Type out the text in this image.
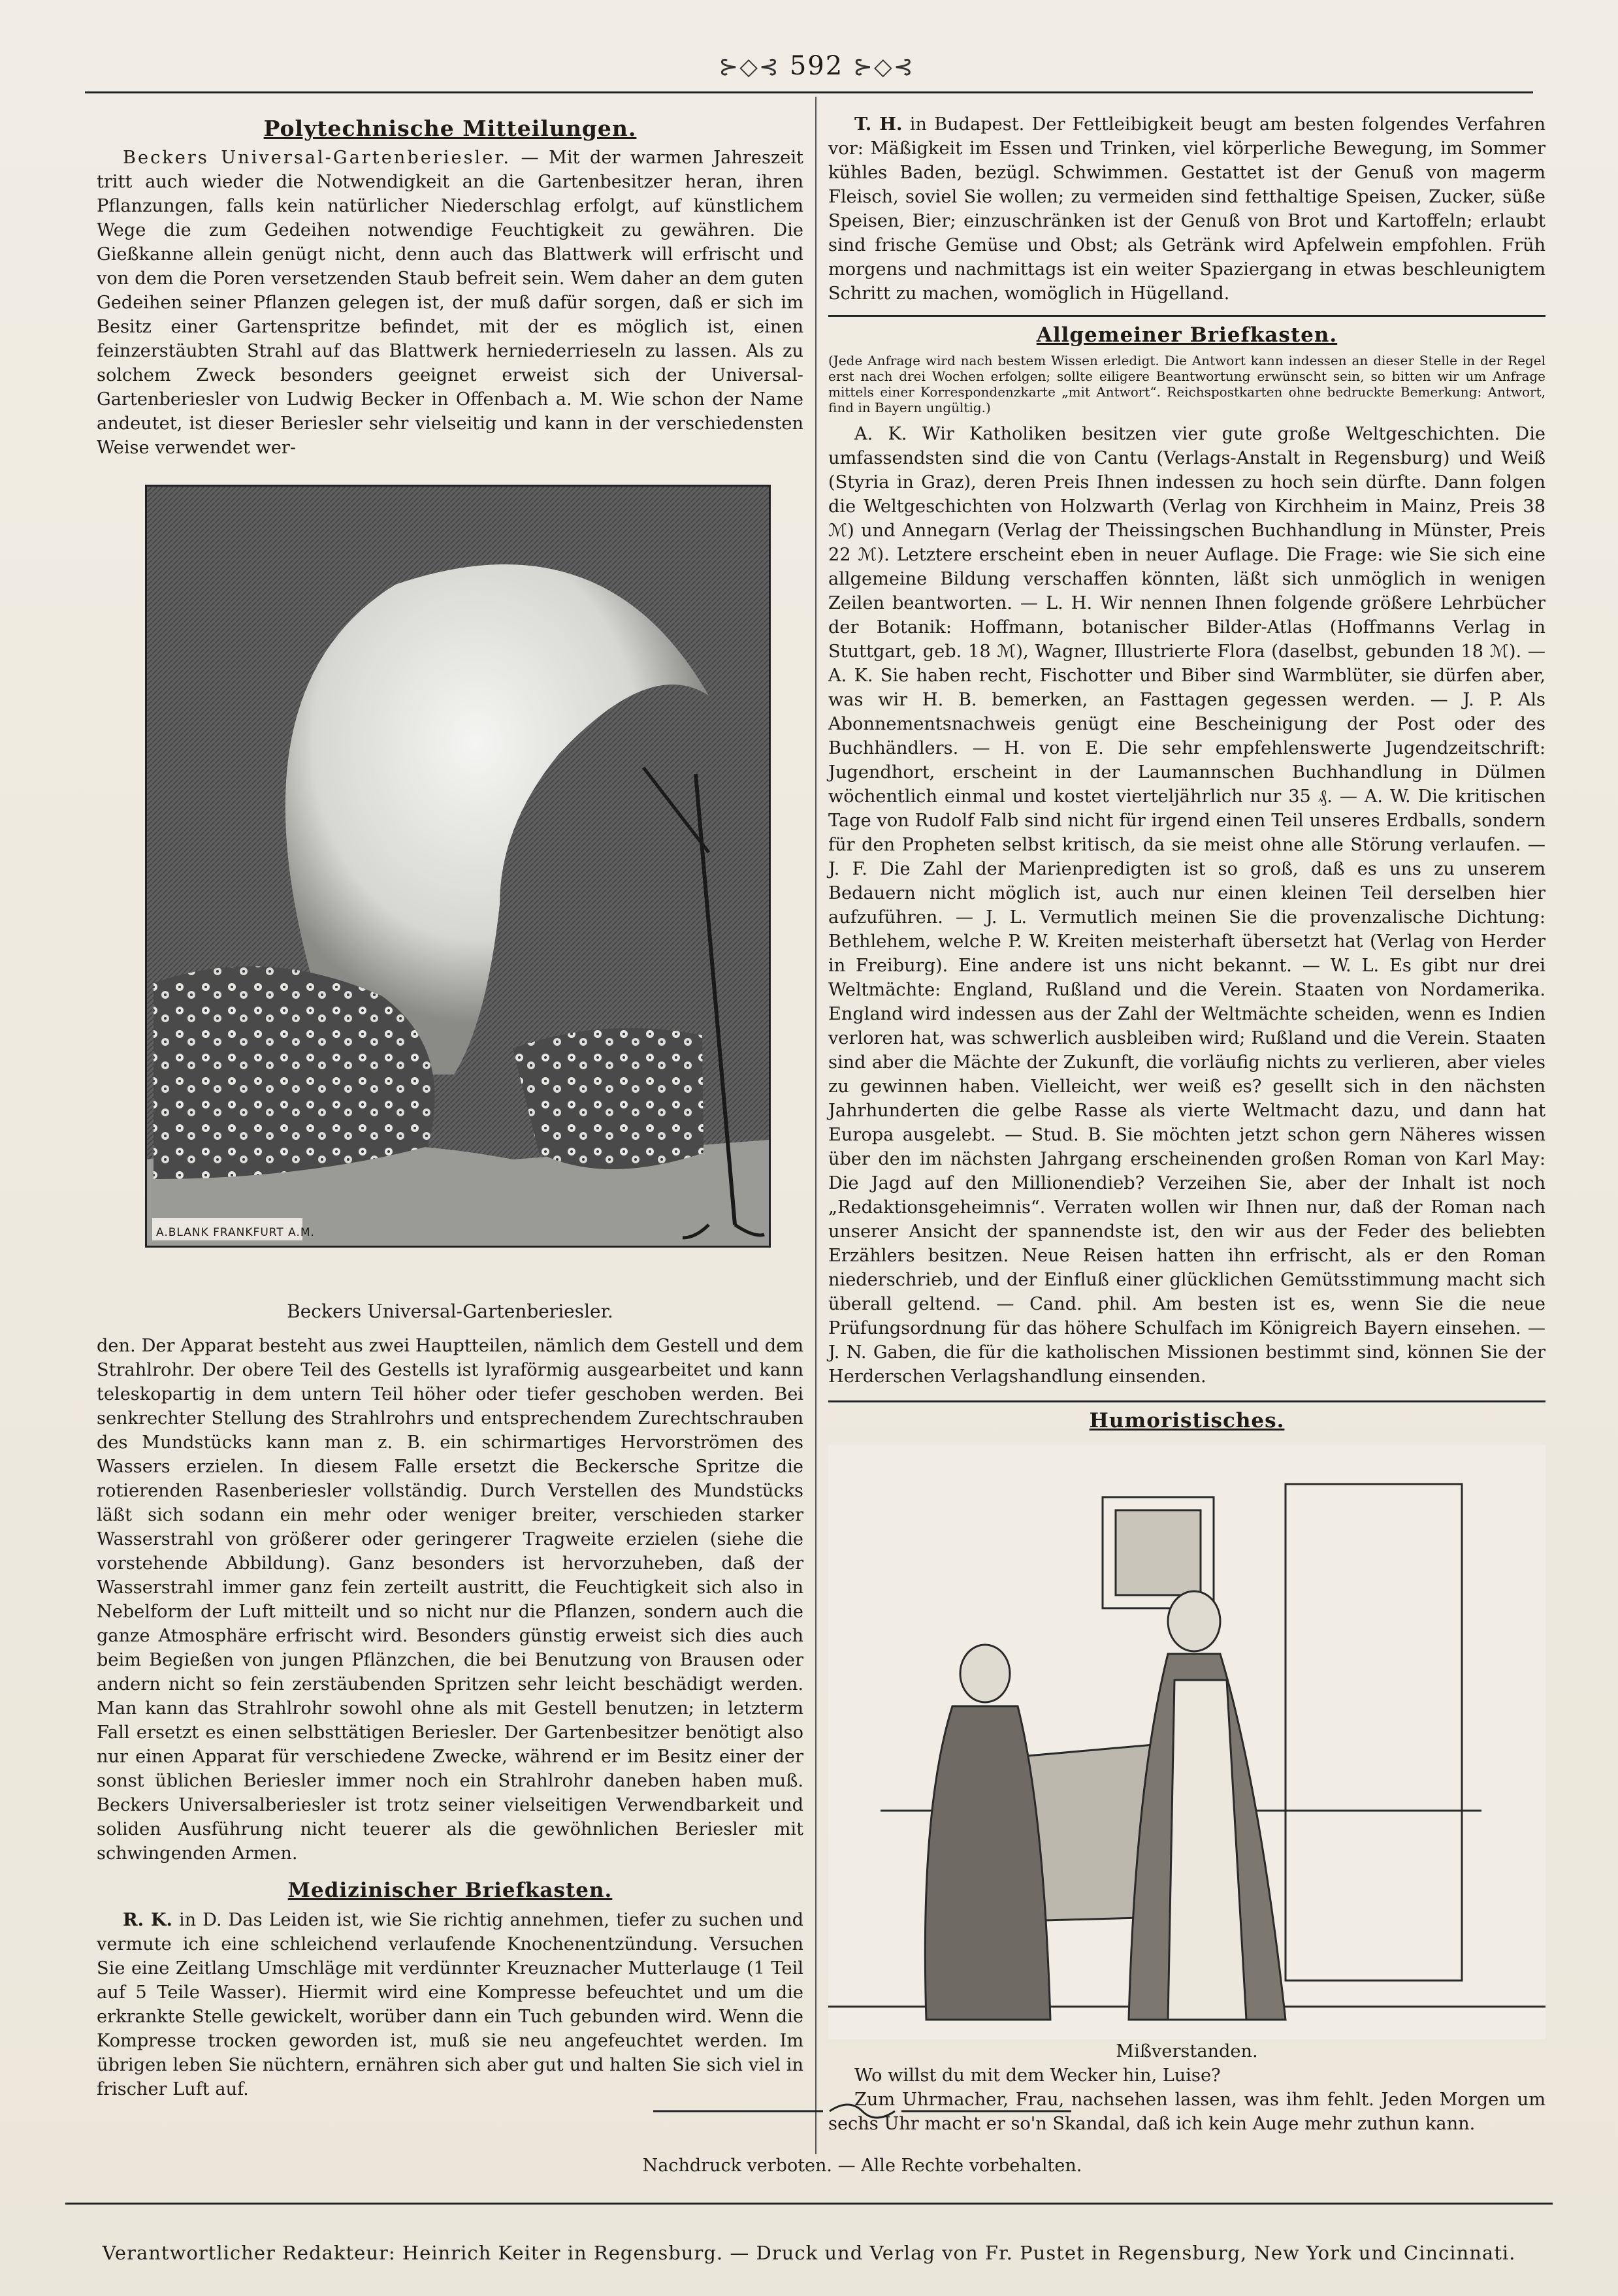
⊱◇⊰ 592 ⊱◇⊰
Polytechnische Mitteilungen.

Beckers Universal-Gartenberiesler. — Mit der warmen Jahreszeit tritt auch wieder die Notwendigkeit an die Gartenbesitzer heran, ihren Pflanzungen, falls kein natürlicher Niederschlag erfolgt, auf künstlichem Wege die zum Gedeihen notwendige Feuchtigkeit zu gewähren. Die Gießkanne allein genügt nicht, denn auch das Blattwerk will erfrischt und von dem die Poren versetzenden Staub befreit sein. Wem daher an dem guten Gedeihen seiner Pflanzen gelegen ist, der muß dafür sorgen, daß er sich im Besitz einer Gartenspritze befindet, mit der es möglich ist, einen feinzerstäubten Strahl auf das Blattwerk herniederrieseln zu lassen. Als zu solchem Zweck besonders geeignet erweist sich der Universal-Gartenberiesler von Ludwig Becker in Offenbach a. M. Wie schon der Name andeutet, ist dieser Beriesler sehr vielseitig und kann in der verschiedensten Weise verwendet wer-

A.BLANK FRANKFURT A.M.
Beckers Universal-Gartenberiesler.

den. Der Apparat besteht aus zwei Hauptteilen, nämlich dem Gestell und dem Strahlrohr. Der obere Teil des Gestells ist lyraförmig ausgearbeitet und kann teleskopartig in dem untern Teil höher oder tiefer geschoben werden. Bei senkrechter Stellung des Strahlrohrs und entsprechendem Zurechtschrauben des Mundstücks kann man z. B. ein schirmartiges Hervorströmen des Wassers erzielen. In diesem Falle ersetzt die Beckersche Spritze die rotierenden Rasenberiesler vollständig. Durch Verstellen des Mundstücks läßt sich sodann ein mehr oder weniger breiter, verschieden starker Wasserstrahl von größerer oder geringerer Tragweite erzielen (siehe die vorstehende Abbildung). Ganz besonders ist hervorzuheben, daß der Wasserstrahl immer ganz fein zerteilt austritt, die Feuchtigkeit sich also in Nebelform der Luft mitteilt und so nicht nur die Pflanzen, sondern auch die ganze Atmosphäre erfrischt wird. Besonders günstig erweist sich dies auch beim Begießen von jungen Pflänzchen, die bei Benutzung von Brausen oder andern nicht so fein zerstäubenden Spritzen sehr leicht beschädigt werden. Man kann das Strahlrohr sowohl ohne als mit Gestell benutzen; in letzterm Fall ersetzt es einen selbsttätigen Beriesler. Der Gartenbesitzer benötigt also nur einen Apparat für verschiedene Zwecke, während er im Besitz einer der sonst üblichen Beriesler immer noch ein Strahlrohr daneben haben muß. Beckers Universalberiesler ist trotz seiner vielseitigen Verwendbarkeit und soliden Ausführung nicht teuerer als die gewöhnlichen Beriesler mit schwingenden Armen.

Medizinischer Briefkasten.

R. K. in D. Das Leiden ist, wie Sie richtig annehmen, tiefer zu suchen und vermute ich eine schleichend verlaufende Knochenentzündung. Versuchen Sie eine Zeitlang Umschläge mit verdünnter Kreuznacher Mutterlauge (1 Teil auf 5 Teile Wasser). Hiermit wird eine Kompresse befeuchtet und um die erkrankte Stelle gewickelt, worüber dann ein Tuch gebunden wird. Wenn die Kompresse trocken geworden ist, muß sie neu angefeuchtet werden. Im übrigen leben Sie nüchtern, ernähren sich aber gut und halten Sie sich viel in frischer Luft auf.

T. H. in Budapest. Der Fettleibigkeit beugt am besten folgendes Verfahren vor: Mäßigkeit im Essen und Trinken, viel körperliche Bewegung, im Sommer kühles Baden, bezügl. Schwimmen. Gestattet ist der Genuß von magerm Fleisch, soviel Sie wollen; zu vermeiden sind fetthaltige Speisen, Zucker, süße Speisen, Bier; einzuschränken ist der Genuß von Brot und Kartoffeln; erlaubt sind frische Gemüse und Obst; als Getränk wird Apfelwein empfohlen. Früh morgens und nachmittags ist ein weiter Spaziergang in etwas beschleunigtem Schritt zu machen, womöglich in Hügelland.

Allgemeiner Briefkasten.
(Jede Anfrage wird nach bestem Wissen erledigt. Die Antwort kann indessen an dieser Stelle in der Regel erst nach drei Wochen erfolgen; sollte eiligere Beantwortung erwünscht sein, so bitten wir um Anfrage mittels einer Korrespondenzkarte „mit Antwort“. Reichspostkarten ohne bedruckte Bemerkung: Antwort, find in Bayern ungültig.)

A. K. Wir Katholiken besitzen vier gute große Weltgeschichten. Die umfassendsten sind die von Cantu (Verlags-Anstalt in Regensburg) und Weiß (Styria in Graz), deren Preis Ihnen indessen zu hoch sein dürfte. Dann folgen die Weltgeschichten von Holzwarth (Verlag von Kirchheim in Mainz, Preis 38 ℳ) und Annegarn (Verlag der Theissingschen Buchhandlung in Münster, Preis 22 ℳ). Letztere erscheint eben in neuer Auflage. Die Frage: wie Sie sich eine allgemeine Bildung verschaffen könnten, läßt sich unmöglich in wenigen Zeilen beantworten. — L. H. Wir nennen Ihnen folgende größere Lehrbücher der Botanik: Hoffmann, botanischer Bilder-Atlas (Hoffmanns Verlag in Stuttgart, geb. 18 ℳ), Wagner, Illustrierte Flora (daselbst, gebunden 18 ℳ). — A. K. Sie haben recht, Fischotter und Biber sind Warmblüter, sie dürfen aber, was wir H. B. bemerken, an Fasttagen gegessen werden. — J. P. Als Abonnementsnachweis genügt eine Bescheinigung der Post oder des Buchhändlers. — H. von E. Die sehr empfehlenswerte Jugendzeitschrift: Jugendhort, erscheint in der Laumannschen Buchhandlung in Dülmen wöchentlich einmal und kostet vierteljährlich nur 35 ₰. — A. W. Die kritischen Tage von Rudolf Falb sind nicht für irgend einen Teil unseres Erdballs, sondern für den Propheten selbst kritisch, da sie meist ohne alle Störung verlaufen. — J. F. Die Zahl der Marienpredigten ist so groß, daß es uns zu unserem Bedauern nicht möglich ist, auch nur einen kleinen Teil derselben hier aufzuführen. — J. L. Vermutlich meinen Sie die provenzalische Dichtung: Bethlehem, welche P. W. Kreiten meisterhaft übersetzt hat (Verlag von Herder in Freiburg). Eine andere ist uns nicht bekannt. — W. L. Es gibt nur drei Weltmächte: England, Rußland und die Verein. Staaten von Nordamerika. England wird indessen aus der Zahl der Weltmächte scheiden, wenn es Indien verloren hat, was schwerlich ausbleiben wird; Rußland und die Verein. Staaten sind aber die Mächte der Zukunft, die vorläufig nichts zu verlieren, aber vieles zu gewinnen haben. Vielleicht, wer weiß es? gesellt sich in den nächsten Jahrhunderten die gelbe Rasse als vierte Weltmacht dazu, und dann hat Europa ausgelebt. — Stud. B. Sie möchten jetzt schon gern Näheres wissen über den im nächsten Jahrgang erscheinenden großen Roman von Karl May: Die Jagd auf den Millionendieb? Verzeihen Sie, aber der Inhalt ist noch „Redaktionsgeheimnis“. Verraten wollen wir Ihnen nur, daß der Roman nach unserer Ansicht der spannendste ist, den wir aus der Feder des beliebten Erzählers besitzen. Neue Reisen hatten ihn erfrischt, als er den Roman niederschrieb, und der Einfluß einer glücklichen Gemütsstimmung macht sich überall geltend. — Cand. phil. Am besten ist es, wenn Sie die neue Prüfungsordnung für das höhere Schulfach im Königreich Bayern einsehen. — J. N. Gaben, die für die katholischen Missionen bestimmt sind, können Sie der Herderschen Verlagshandlung einsenden.

Humoristisches.
Mißverstanden.

Wo willst du mit dem Wecker hin, Luise?

Zum Uhrmacher, Frau, nachsehen lassen, was ihm fehlt. Jeden Morgen um sechs Uhr macht er so'n Skandal, daß ich kein Auge mehr zuthun kann.

Nachdruck verboten. — Alle Rechte vorbehalten.
Verantwortlicher Redakteur: Heinrich Keiter in Regensburg. — Druck und Verlag von Fr. Pustet in Regensburg, New York und Cincinnati.
